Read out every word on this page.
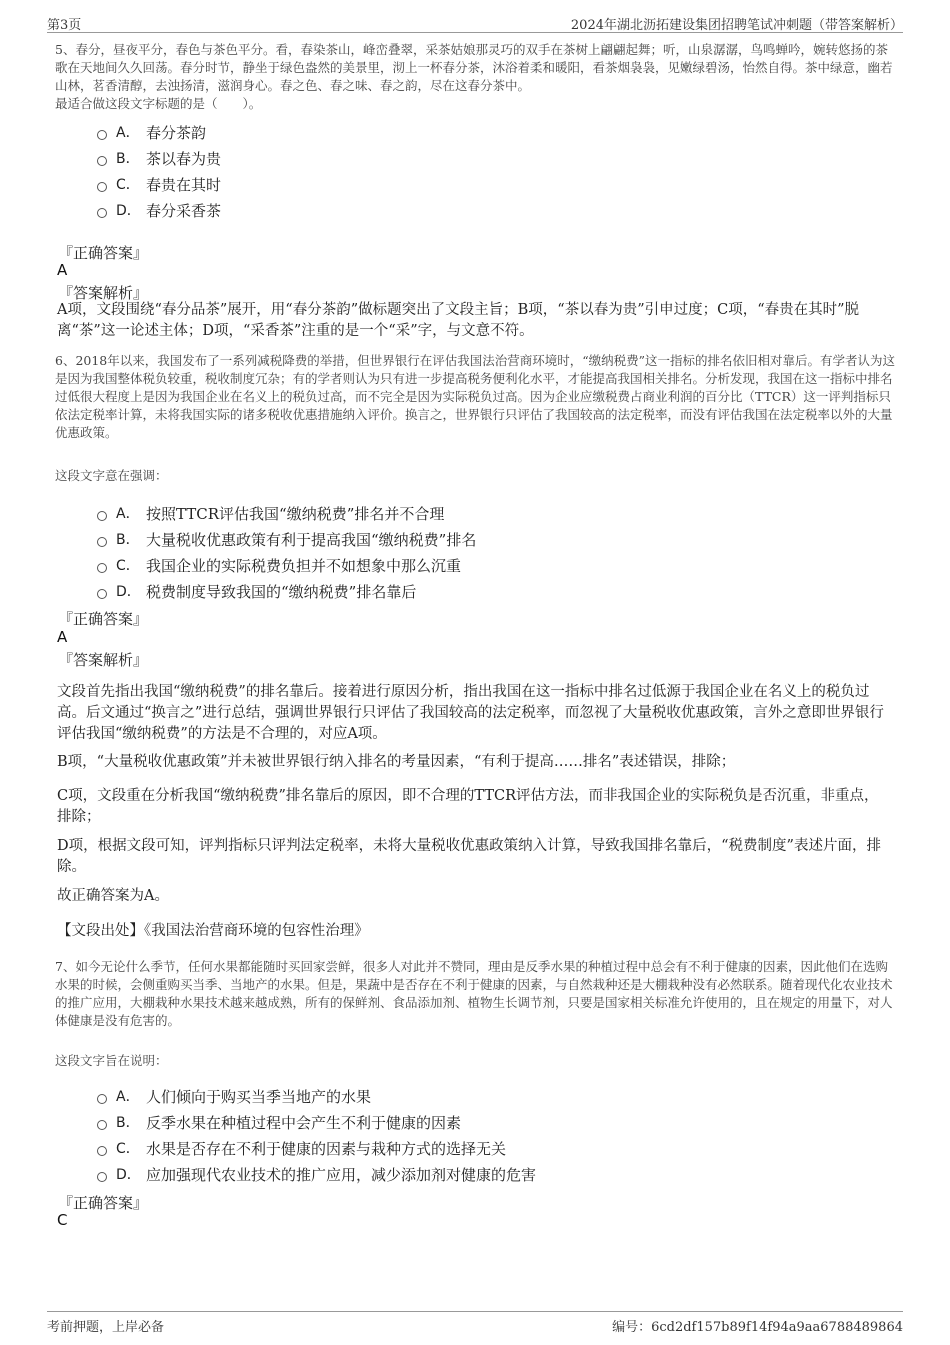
第3页	2024年湖北沥拓建设集团招聘笔试冲刺题（带答案解析）

5、春分，昼夜平分，春色与茶色平分。看，春染茶山，峰峦叠翠，采茶姑娘那灵巧的双手在茶树上翩翩起舞；听，山泉潺潺，鸟鸣蝉吟，婉转悠扬的茶歌在天地间久久回荡。春分时节，静坐于绿色盎然的美景里，沏上一杯春分茶，沐浴着柔和暖阳，看茶烟袅袅，见嫩绿碧汤，怡然自得。茶中绿意，幽若山林，茗香清醇，去浊扬清，滋润身心。春之色、春之味、春之韵，尽在这春分茶中。

最适合做这段文字标题的是（　　）。

A． 春分茶韵
B． 茶以春为贵
C． 春贵在其时
D． 春分采香茶
『正确答案』
A
『答案解析』

A项，文段围绕“春分品茶”展开，用“春分茶韵”做标题突出了文段主旨；B项，“茶以春为贵”引申过度；C项，“春贵在其时”脱离“茶”这一论述主体；D项，“采香茶”注重的是一个“采”字，与文意不符。

6、2018年以来，我国发布了一系列减税降费的举措，但世界银行在评估我国法治营商环境时，“缴纳税费”这一指标的排名依旧相对靠后。有学者认为这是因为我国整体税负较重，税收制度冗杂；有的学者则认为只有进一步提高税务便利化水平，才能提高我国相关排名。分析发现，我国在这一指标中排名过低很大程度上是因为我国企业在名义上的税负过高，而不完全是因为实际税负过高。因为企业应缴税费占商业利润的百分比（TTCR）这一评判指标只依法定税率计算，未将我国实际的诸多税收优惠措施纳入评价。换言之，世界银行只评估了我国较高的法定税率，而没有评估我国在法定税率以外的大量优惠政策。

这段文字意在强调：

A． 按照TTCR评估我国“缴纳税费”排名并不合理
B． 大量税收优惠政策有利于提高我国“缴纳税费”排名
C． 我国企业的实际税费负担并不如想象中那么沉重
D． 税费制度导致我国的“缴纳税费”排名靠后
『正确答案』
A
『答案解析』

文段首先指出我国“缴纳税费”的排名靠后。接着进行原因分析，指出我国在这一指标中排名过低源于我国企业在名义上的税负过高。后文通过“换言之”进行总结，强调世界银行只评估了我国较高的法定税率，而忽视了大量税收优惠政策，言外之意即世界银行评估我国“缴纳税费”的方法是不合理的，对应A项。

B项，“大量税收优惠政策”并未被世界银行纳入排名的考量因素，“有利于提高……排名”表述错误，排除；

C项，文段重在分析我国“缴纳税费”排名靠后的原因，即不合理的TTCR评估方法，而非我国企业的实际税负是否沉重，非重点，排除；

D项，根据文段可知，评判指标只评判法定税率，未将大量税收优惠政策纳入计算，导致我国排名靠后，“税费制度”表述片面，排除。

故正确答案为A。

【文段出处】《我国法治营商环境的包容性治理》

7、如今无论什么季节，任何水果都能随时买回家尝鲜，很多人对此并不赞同，理由是反季水果的种植过程中总会有不利于健康的因素，因此他们在选购水果的时候，会侧重购买当季、当地产的水果。但是，果蔬中是否存在不利于健康的因素，与自然栽种还是大棚栽种没有必然联系。随着现代化农业技术的推广应用，大棚栽种水果技术越来越成熟，所有的保鲜剂、食品添加剂、植物生长调节剂，只要是国家相关标准允许使用的，且在规定的用量下，对人体健康是没有危害的。

这段文字旨在说明：

A． 人们倾向于购买当季当地产的水果
B． 反季水果在种植过程中会产生不利于健康的因素
C． 水果是否存在不利于健康的因素与栽种方式的选择无关
D． 应加强现代农业技术的推广应用，减少添加剂对健康的危害
『正确答案』
C
考前押题，上岸必备	编号：6cd2df157b89f14f94a9aa6788489864
